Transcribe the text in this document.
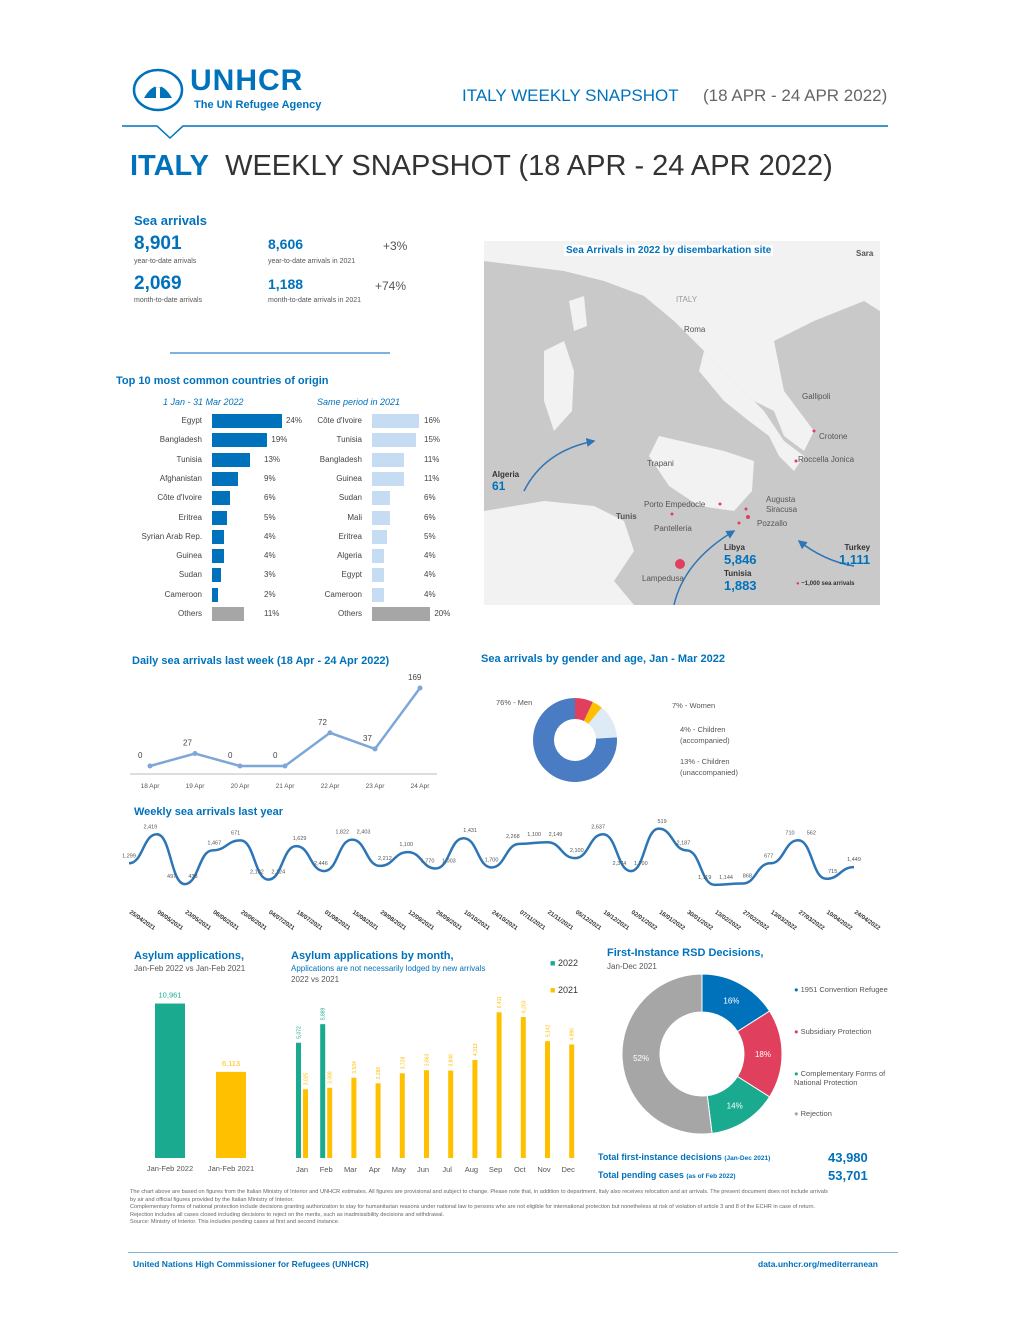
UNHCR
The UN Refugee Agency	ITALY WEEKLY SNAPSHOT (18 APR - 24 APR 2022)
ITALY WEEKLY SNAPSHOT (18 APR - 24 APR 2022)
Sea arrivals
8,901
year-to-date arrivals
8,606	+3%
year-to-date arrivals in 2021
2,069
month-to-date arrivals
1,188	+74%
month-to-date arrivals in 2021
Top 10 most common countries of origin
1 Jan - 31 Mar 2022	Same period in 2021
Egypt	24%
Bangladesh	19%
Tunisia	13%
Afghanistan	9%
Côte d'Ivoire	6%
Eritrea	5%
Syrian Arab Rep.	4%
Guinea	4%
Sudan	3%
Cameroon	2%
Others	11%
Côte d'Ivoire	16%
Tunisia	15%
Bangladesh	11%
Guinea	11%
Sudan	6%
Mali	6%
Eritrea	5%
Algeria	4%
Egypt	4%
Cameroon	4%
Others	20%
Sea Arrivals in 2022 by disembarkation site
Roma
Gallipoli
Crotone
Roccella Jonica
Trapani
Porto Empedocle
Pantelleria
Augusta
Siracusa
Pozzallo
Lampedusa
Tunis
Sara
ITALY
Algeria
61
Libya
5,846
Tunisia
1,883
Turkey
1,111
● ~1,000 sea arrivals
Daily sea arrivals last week (18 Apr - 24 Apr 2022)
0
18 Apr
27
19 Apr
0
20 Apr
0
21 Apr
72
22 Apr
37
23 Apr
169
24 Apr
Sea arrivals by gender and age, Jan - Mar 2022
76% - Men	7% - Women
4% - Children
(accompanied)
13% - Children
(unaccompanied)
Weekly sea arrivals last year
1,299
2,419
497 438
1,467
671
2,182 2,124
1,629
2,446
1,822 2,403
2,212
1,100
1,770 1,003
1,431
1,700
2,268 1,100 2,149
2,100
2,637
2,374 1,700
519
2,187
1,119 1,144 868
677
710 562
715
1,449
25/04/2021 09/05/2021 23/05/2021 06/06/2021 20/06/2021 04/07/2021 18/07/2021 01/08/2021 15/08/2021 29/08/2021 12/09/2021 26/09/2021 10/10/2021 24/10/2021 07/11/2021 21/11/2021 05/12/2021 19/12/2021 02/01/2022 16/01/2022 30/01/2022 13/02/2022 27/02/2022 13/03/2022 27/03/2022 10/04/2022 24/04/2022
Asylum applications,
Jan-Feb 2022 vs Jan-Feb 2021
10,961
Jan-Feb 2022
6,113
Jan-Feb 2021
Asylum applications by month,
Applications are not necessarily lodged by new arrivals
2022 vs 2021
■ 2022
■ 2021
5,072
3,025
Jan
5,889
3,088
Feb
3,534
Mar
3,286
Apr
3,728
May
3,863
Jun
3,848
Jul
4,313
Aug
6,411
Sep
6,203
Oct
5,142
Nov
4,996
Dec
First-Instance RSD Decisions,
Jan-Dec 2021
16%
18%
14%
52%
● 1951 Convention Refugee
● Subsidiary Protection
● Complementary Forms of National Protection
● Rejection
Total first-instance decisions (Jan-Dec 2021)	43,980
Total pending cases (as of Feb 2022)	53,701
The chart above are based on figures from the Italian Ministry of Interior and UNHCR estimates. All figures are provisional and subject to change. Please note that, in addition to department, Italy also receives relocation and air arrivals. The present document does not include arrivals by air and official figures provided by the Italian Ministry of Interior.
Complementary forms of national protection include decisions granting authorization to stay for humanitarian reasons under national law to persons who are not eligible for international protection but nonetheless at risk of violation of article 3 and 8 of the ECHR in case of return.
Rejection includes all cases closed including decisions to reject on the merits, such as inadmissibility decisions and withdrawal.
Source: Ministry of Interior. This includes pending cases at first and second instance.
United Nations High Commissioner for Refugees (UNHCR)	data.unhcr.org/mediterranean
